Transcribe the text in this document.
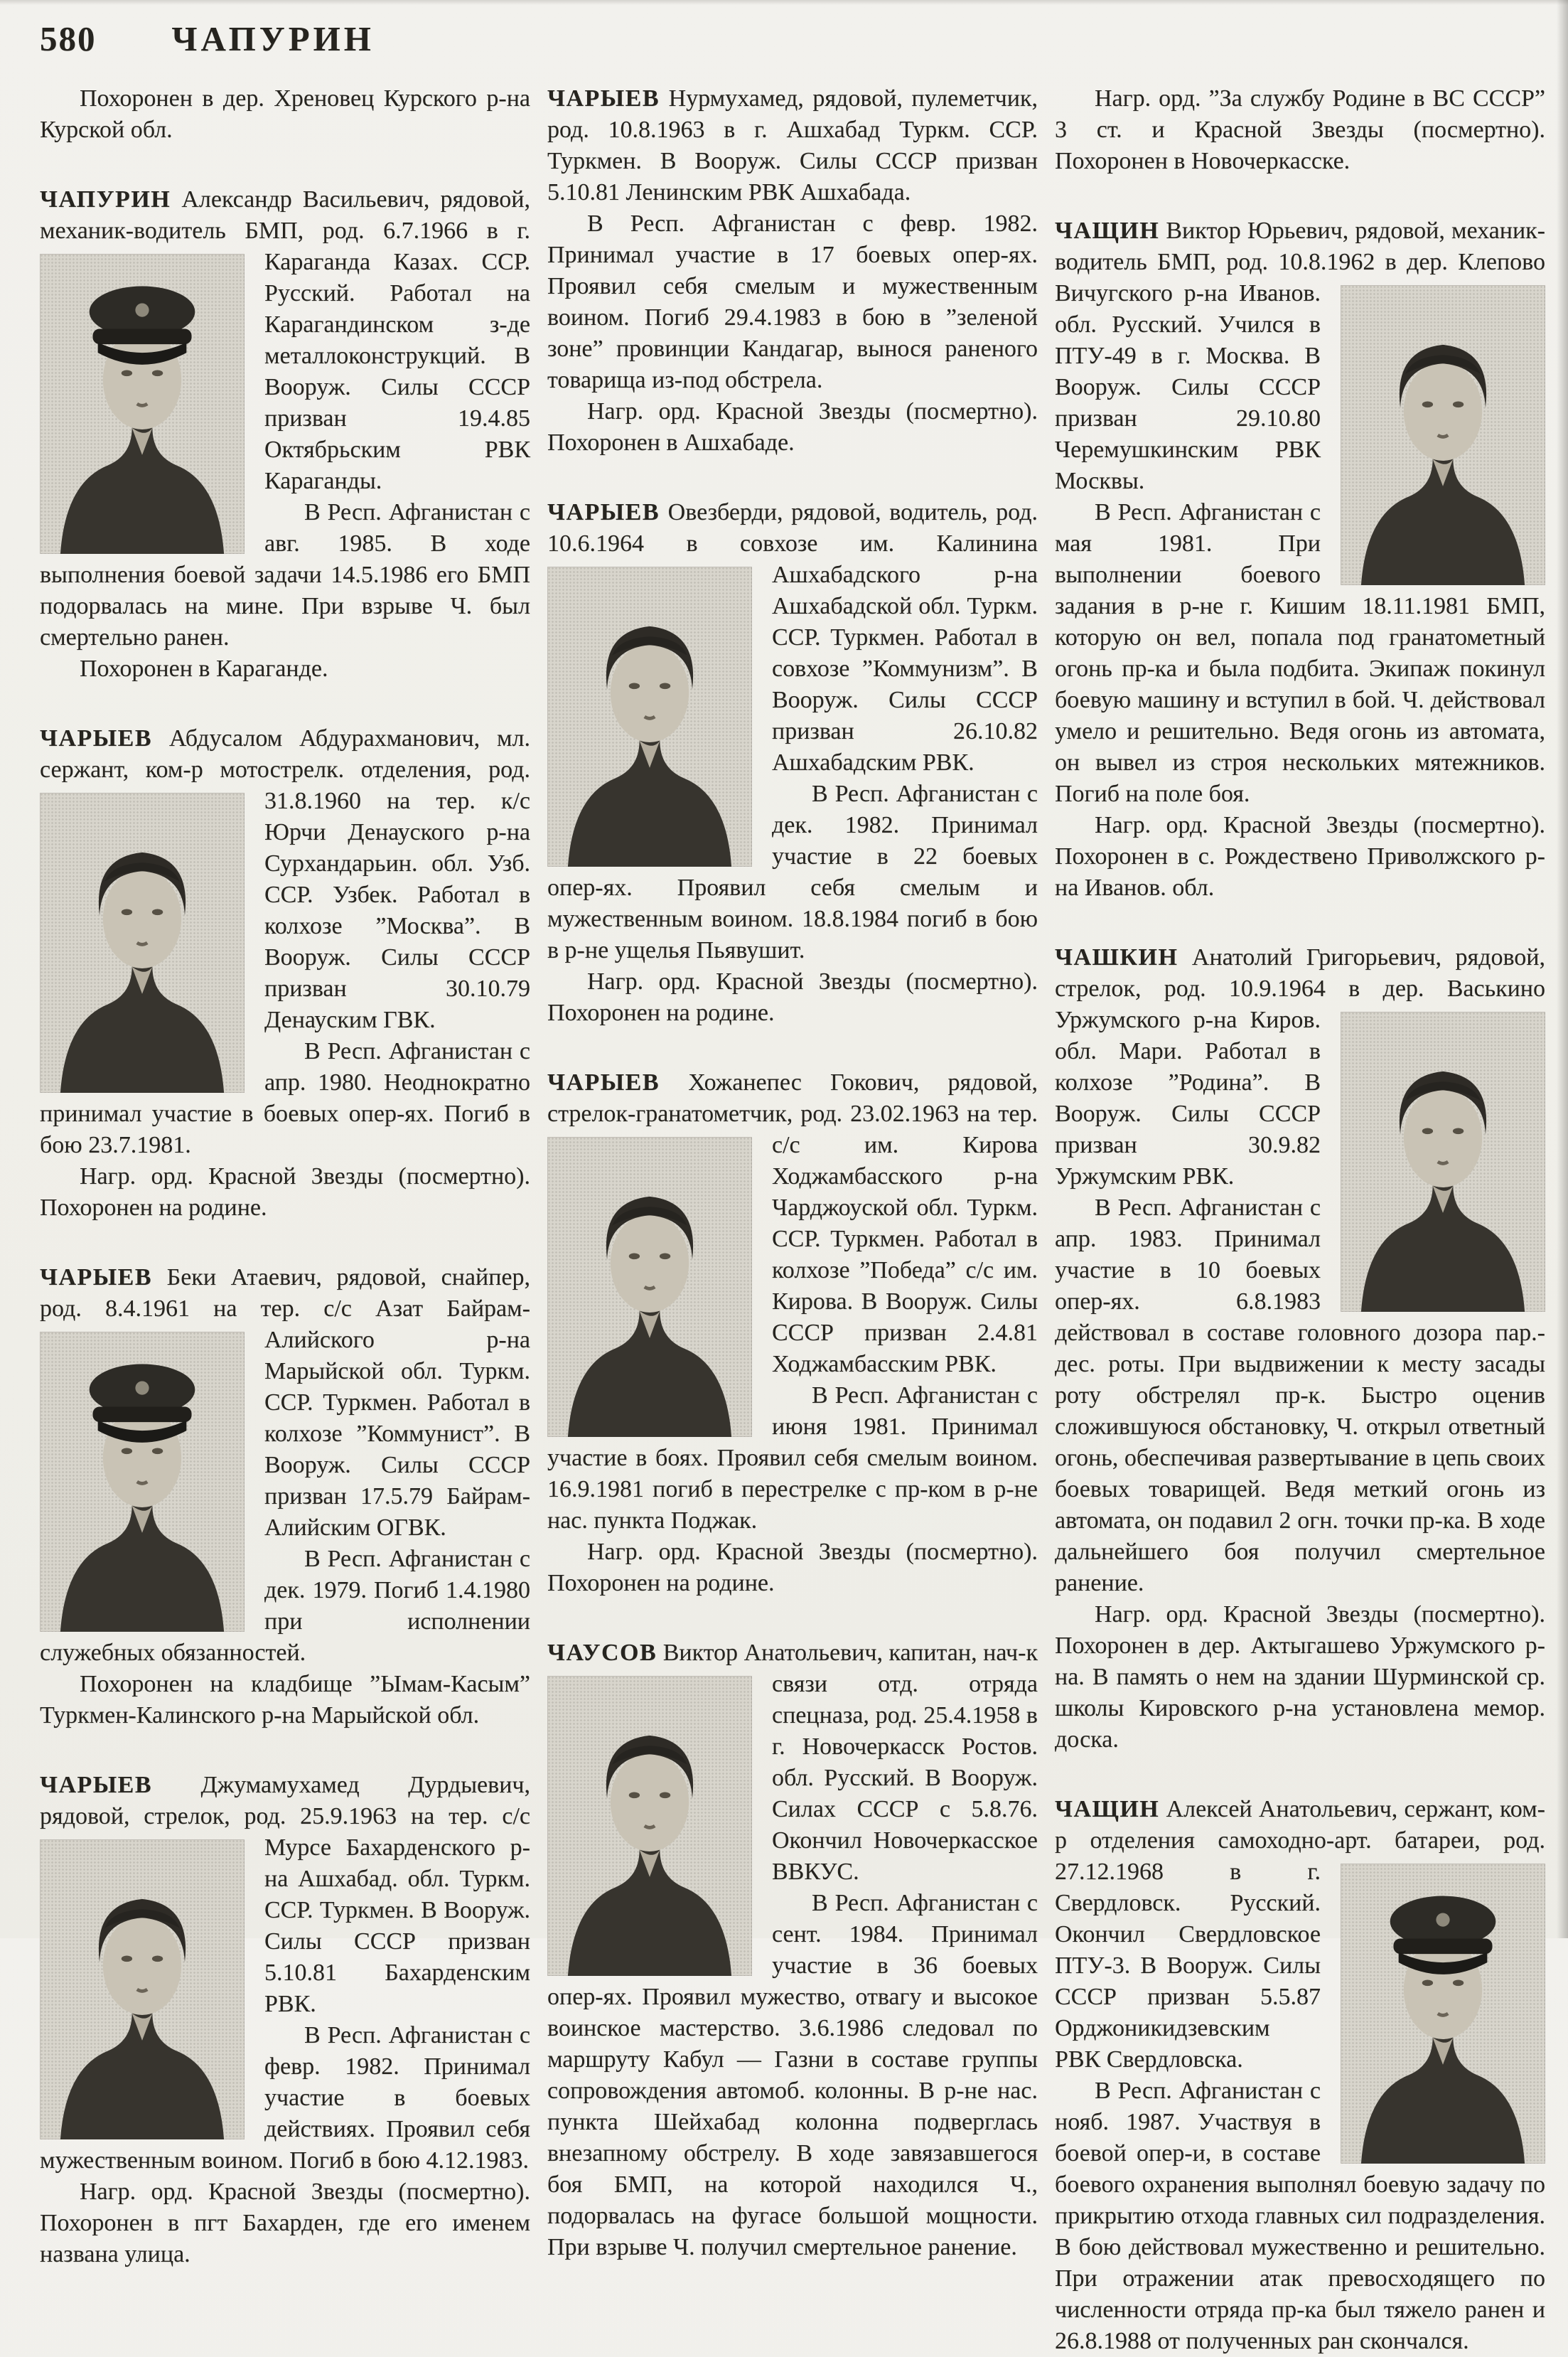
580 ЧАПУРИН

Похоронен в дер. Хреновец Курского р-на Курской обл.

ЧАПУРИН Александр Васильевич, рядовой, механик-водитель БМП, род.
6.7.1966 в г. Караганда Казах. ССР. Русский. Работал на Карагандинском з-де металлоконструкций. В Вооруж. Силы СССР призван 19.4.85 Октябрьским РВК Караганды.

В Респ. Афганистан с авг. 1985. В ходе выполнения боевой задачи 14.5.1986 его БМП подорвалась на мине. При взрыве Ч. был смертельно ранен.

Похоронен в Караганде.

ЧАРЫЕВ Абдусалом Абдурахманович, мл. сержант, ком-р мотострелк. отделения, род. 31.8.1960 на
тер. к/с Юрчи Денауского р-на Сурхандарьин. обл. Узб. ССР. Узбек. Работал в колхозе ”Москва”. В Вооруж. Силы СССР призван 30.10.79 Денауским ГВК.

В Респ. Афганистан с апр. 1980. Неоднократно принимал участие в боевых опер-ях. Погиб в бою 23.7.1981.

Нагр. орд. Красной Звезды (посмертно). Похоронен на родине.

ЧАРЫЕВ Беки Атаевич, рядовой, снайпер, род. 8.4.1961 на тер. с/с Азат Байрам-Алийского
р-на Марыйской обл. Туркм. ССР. Туркмен. Работал в колхозе ”Коммунист”. В Вооруж. Силы СССР призван 17.5.79 Байрам-Алийским ОГВК.

В Респ. Афганистан с дек. 1979. Погиб 1.4.1980 при исполнении служебных обязанностей.

Похоронен на кладбище ”Ымам-Касым” Туркмен-Калинского р-на Марыйской обл.

ЧАРЫЕВ Джумамухамед Дурдыевич, рядовой, стрелок, род. 25.9.1963 на тер. с/с
Мурсе Бахарденского р-на Ашхабад. обл. Туркм. ССР. Туркмен. В Вооруж. Силы СССР призван 5.10.81 Бахарденским РВК.

В Респ. Афганистан с февр. 1982. Принимал участие в боевых действиях. Проявил себя мужественным воином. Погиб в бою 4.12.1983.

Нагр. орд. Красной Звезды (посмертно). Похоронен в пгт Бахарден, где его именем названа улица.

ЧАРЫЕВ Нурмухамед, рядовой, пулеметчик, род. 10.8.1963 в г. Ашхабад Туркм. ССР. Туркмен. В Вооруж. Силы СССР призван 5.10.81 Ленинским РВК Ашхабада.

В Респ. Афганистан с февр. 1982. Принимал участие в 17 боевых опер-ях. Проявил себя смелым и мужественным воином. Погиб 29.4.1983 в бою в ”зеленой зоне” провинции Кандагар, вынося раненого товарища из-под обстрела.

Нагр. орд. Красной Звезды (посмертно). Похоронен в Ашхабаде.

ЧАРЫЕВ Овезберди, рядовой, водитель, род. 10.6.1964 в совхозе им. Калинина
Ашхабадского р-на Ашхабадской обл. Туркм. ССР. Туркмен. Работал в совхозе ”Коммунизм”. В Вооруж. Силы СССР призван 26.10.82 Ашхабадским РВК.

В Респ. Афганистан с дек. 1982. Принимал участие в 22 боевых опер-ях. Проявил себя смелым и мужественным воином. 18.8.1984 погиб в бою в р-не ущелья Пьявушит.

Нагр. орд. Красной Звезды (посмертно). Похоронен на родине.

ЧАРЫЕВ Хожанепес Гокович, рядовой, стрелок-гранатометчик, род. 23.02.1963
на тер. с/с им. Кирова Ходжамбасского р-на Чарджоуской обл. Туркм. ССР. Туркмен. Работал в колхозе ”Победа” с/с им. Кирова. В Вооруж. Силы СССР призван 2.4.81 Ходжамбасским РВК.

В Респ. Афганистан с июня 1981. Принимал участие в боях. Проявил себя смелым воином. 16.9.1981 погиб в перестрелке с пр-ком в р-не нас. пункта Поджак.

Нагр. орд. Красной Звезды (посмертно). Похоронен на родине.

ЧАУСОВ Виктор Анатольевич, капитан, нач-к связи отд.
отряда спецназа, род. 25.4.1958 в г. Новочеркасск Ростов. обл. Русский. В Вооруж. Силах СССР с 5.8.76. Окончил Новочеркасское ВВКУС.

В Респ. Афганистан с сент. 1984. Принимал участие в 36 боевых опер-ях. Проявил мужество, отвагу и высокое воинское мастерство. 3.6.1986 следовал по маршруту Кабул — Газни в составе группы сопровождения автомоб. колонны. В р-не нас. пункта Шейхабад колонна подверглась внезапному обстрелу. В ходе завязавшегося боя БМП, на которой находился Ч., подорвалась на фугасе большой мощности. При взрыве Ч. получил смертельное ранение.

Нагр. орд. ”За службу Родине в ВС СССР” 3 ст. и Красной Звезды (посмертно). Похоронен в Новочеркасске.

ЧАЩИН Виктор Юрьевич, рядовой, механик-водитель БМП, род. 10.8.1962 в дер.
Клепово Вичугского р-на Иванов. обл. Русский. Учился в ПТУ-49 в г. Москва. В Вооруж. Силы СССР призван 29.10.80 Черемушкинским РВК Москвы.

В Респ. Афганистан с мая 1981. При выполнении боевого задания в р-не г. Кишим 18.11.1981 БМП, которую он вел, попала под гранатометный огонь пр-ка и была подбита. Экипаж покинул боевую машину и вступил в бой. Ч. действовал умело и решительно. Ведя огонь из автомата, он вывел из строя нескольких мятежников. Погиб на поле боя.

Нагр. орд. Красной Звезды (посмертно). Похоронен в с. Рождествено Приволжского р-на Иванов. обл.

ЧАШКИН Анатолий Григорьевич, рядовой, стрелок, род. 10.9.1964 в дер. Васькино
Уржумского р-на Киров. обл. Мари. Работал в колхозе ”Родина”. В Вооруж. Силы СССР призван 30.9.82 Уржумским РВК.

В Респ. Афганистан с апр. 1983. Принимал участие в 10 боевых опер-ях. 6.8.1983 действовал в составе головного дозора пар.-дес. роты. При выдвижении к месту засады роту обстрелял пр-к. Быстро оценив сложившуюся обстановку, Ч. открыл ответный огонь, обеспечивая развертывание в цепь своих боевых товарищей. Ведя меткий огонь из автомата, он подавил 2 огн. точки пр-ка. В ходе дальнейшего боя получил смертельное ранение.

Нагр. орд. Красной Звезды (посмертно). Похоронен в дер. Актыгашево Уржумского р-на. В память о нем на здании Шурминской ср. школы Кировского р-на установлена мемор. доска.

ЧАЩИН Алексей Анатольевич, сержант, ком-р отделения самоходно-арт. батареи, род. 27.12.1968 в г.
Свердловск. Русский. Окончил Свердловское ПТУ-3. В Вооруж. Силы СССР призван 5.5.87 Орджоникидзевским РВК Свердловска.

В Респ. Афганистан с нояб. 1987. Участвуя в боевой опер-и, в составе боевого охранения выполнял боевую задачу по прикрытию отхода главных сил подразделения. В бою действовал мужественно и решительно. При отражении атак превосходящего по численности отряда пр-ка был тяжело ранен и 26.8.1988 от полученных ран скончался.
